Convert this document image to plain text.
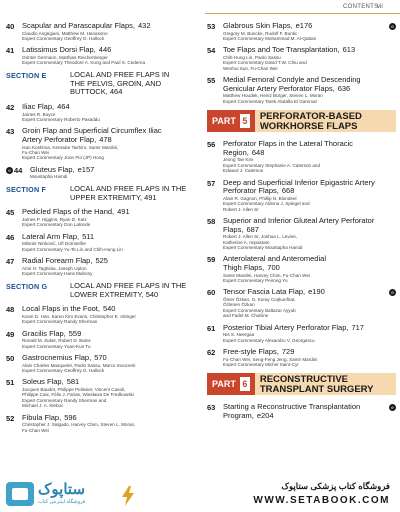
CONTENTS
vii
40 Scapular and Parascapular Flaps, 432
Claudio Angrigiani, Matthew M. Hanasono
Expert Commentary Geoffrey G. Hallock
41 Latissimus Dorsi Flap, 446
Günter Germann, Matthias Reichenberger
Expert Commentary Theodore A. Kung and Paul S. Cederna
SECTION E	LOCAL AND FREE FLAPS IN
THE PELVIS, GROIN, AND
BUTTOCK, 464
42 Iliac Flap, 464
James R. Boyce
Expert Commentary Roberto Pasaddu
43 Groin Flap and Superficial Circumflex Iliac
Artery Perforator Flap, 478
Isao Koshima, Kensuke Tashiro, Samir Mardini,
Fu-Chan Wei
Expert Commentary Joon Pio (JP) Hong
e 44 Gluteus Flap, e157
Moustapha Hamdi
SECTION F	LOCAL AND FREE FLAPS IN THE
UPPER EXTREMITY, 491
45 Pedicled Flaps of the Hand, 491
James P. Higgins, Ryan D. Katz
Expert Commentary Don Lalonde
46 Lateral Arm Flap, 511
Milomir Ninković, Ulf Dornseifer
Expert Commentary Yu-Te Lin and Chih-Hung Lin
47 Radial Forearm Flap, 525
Amir H. Taghinia, Joseph Upton
Expert Commentary Hans Mahony
SECTION G	LOCAL AND FREE FLAPS IN THE
LOWER EXTREMITY, 540
48 Local Flaps in the Foot, 540
Kevin D. Han, Karen Kim Evans, Christopher E. Attinger
Expert Commentary Randy Sherman
49 Gracilis Flap, 559
Ronald M. Zuker, Robert D. Bains
Expert Commentary Yuan-Kun Tu
50 Gastrocnemius Flap, 570
Alain Charles Masquelet, Paolo Sassu, Marco Innocenti
Expert Commentary Geoffrey G. Hallock
51 Soleus Flap, 581
Jacques Baudet, Philippe Pelissier, Vincent Casoli,
Philippe Caix, Félix J. Farias, Wiesława De Fredkowski
Expert Commentary Randy Sherman and
Michael J. A. Klebuc
52 Fibula Flap, 596
Christopher J. Salgado, Harvey Chim, Steven L. Moran,
Fu-Chan Wei
e
53 Glabrous Skin Flaps, e176
Gregory M. Buncke, Rudolf F. Buntic
Expert Commentary Mohammad M. Al-Qattan
54 Toe Flaps and Toe Transplantation, 613
Chih-Hung Lin, Paolo Sassu
Expert Commentary David T.W. Chiu and
Wenhui Sun, Fu-Chan Wei
55 Medial Femoral Condyle and Descending
Genicular Artery Perforator Flaps, 636
Matthew Houdek, Heinz Bürger, Steven L. Moran
Expert Commentary Tarek Abdalla El Gammal
PART 5 PERFORATOR-BASED
WORKHORSE FLAPS
56 Perforator Flaps in the Lateral Thoracic
Region, 648
Jeong Tae Kim
Expert Commentary Stephanie A. Caterson and
Edward J. Caterson
57 Deep and Superficial Inferior Epigastric Artery
Perforator Flaps, 668
Alain R. Gagnon, Phillip N. Blondeel
Expert Commentary Aldona J. Spiegel and
Robert J. Allen Sr
58 Superior and Inferior Gluteal Artery Perforator
Flaps, 687
Robert J. Allen Sr, Joshua L. Levine,
Katherine A. Impastato
Expert Commentary Moustapha Hamdi
59 Anterolateral and Anteromedial
Thigh Flaps, 700
Samir Mardini, Harvey Chim, Fu-Chan Wei
Expert Commentary Peirong Yu
e
60 Tensor Fascia Lata Flap, e190
Ömer Özkan, O. Koray Coşkunfirat,
Özlenen Özkan
Expert Commentary Baltazar Ayyub
and Fadel M. Chahine
61 Posterior Tibial Artery Perforator Flap, 717
Nis S. Neergaa
Expert Commentary Alexandru V. Georgescu
62 Free-style Flaps, 729
Fu-Chan Wei, Seng-Feng Jeng, Samir Mardini
Expert Commentary Michel Saint-Cyr
PART 6 RECONSTRUCTIVE
TRANSPLANT SURGERY
e
63 Starting a Reconstructive Transplantation
Program, e204
ستاپوک
فروشگاه اینترنتی کتاب
فروشگاه کتاب پزشکی ستاپوک
WWW.SETABOOK.COM
